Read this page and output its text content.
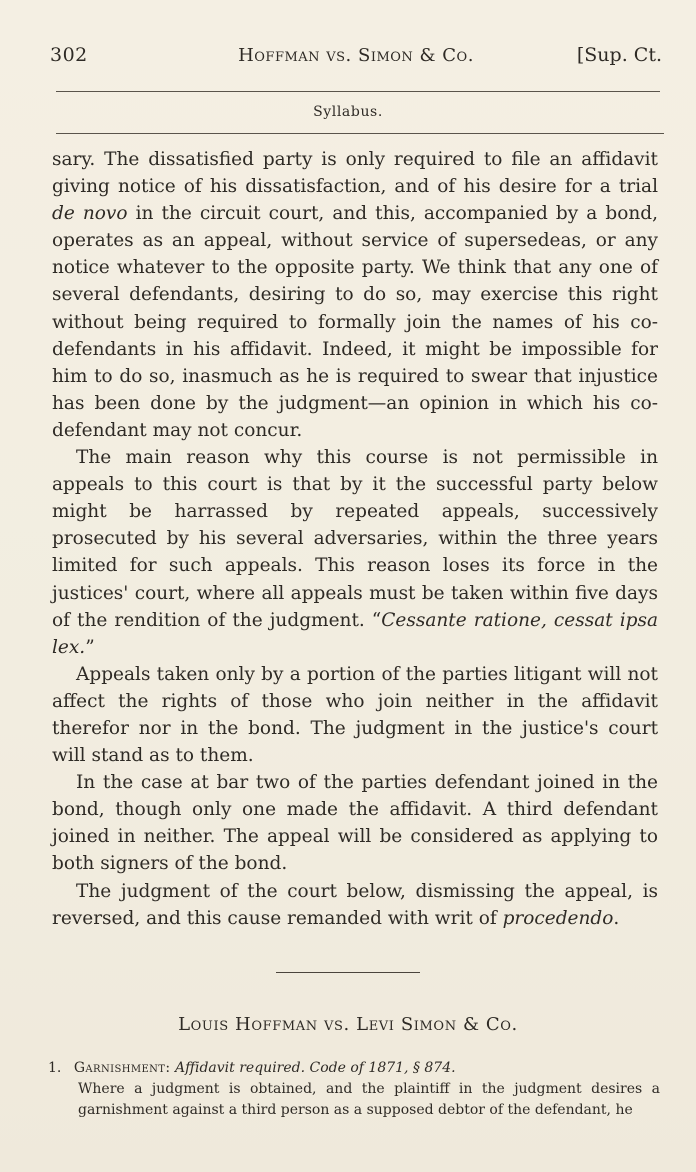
302	Hoffman vs. Simon & Co.	[Sup. Ct.
Syllabus.

sary. The dissatisfied party is only required to file an affidavit giving notice of his dissatisfaction, and of his desire for a trial de novo in the circuit court, and this, accompanied by a bond, operates as an appeal, without service of supersedeas, or any notice whatever to the opposite party. We think that any one of several defendants, desiring to do so, may exercise this right without being required to formally join the names of his co-defendants in his affidavit. Indeed, it might be impossible for him to do so, inasmuch as he is required to swear that injustice has been done by the judgment—an opinion in which his co-defendant may not concur.

The main reason why this course is not permissible in appeals to this court is that by it the successful party below might be harrassed by repeated appeals, successively prosecuted by his several adversaries, within the three years limited for such appeals. This reason loses its force in the justices' court, where all appeals must be taken within five days of the rendition of the judgment. “Cessante ratione, cessat ipsa lex.”

Appeals taken only by a portion of the parties litigant will not affect the rights of those who join neither in the affidavit therefor nor in the bond. The judgment in the justice's court will stand as to them.

In the case at bar two of the parties defendant joined in the bond, though only one made the affidavit. A third defendant joined in neither. The appeal will be considered as applying to both signers of the bond.

The judgment of the court below, dismissing the appeal, is reversed, and this cause remanded with writ of procedendo.

Louis Hoffman vs. Levi Simon & Co.

1. Garnishment: Affidavit required. Code of 1871, § 874.

Where a judgment is obtained, and the plaintiff in the judgment desires a garnishment against a third person as a supposed debtor of the defendant, he
